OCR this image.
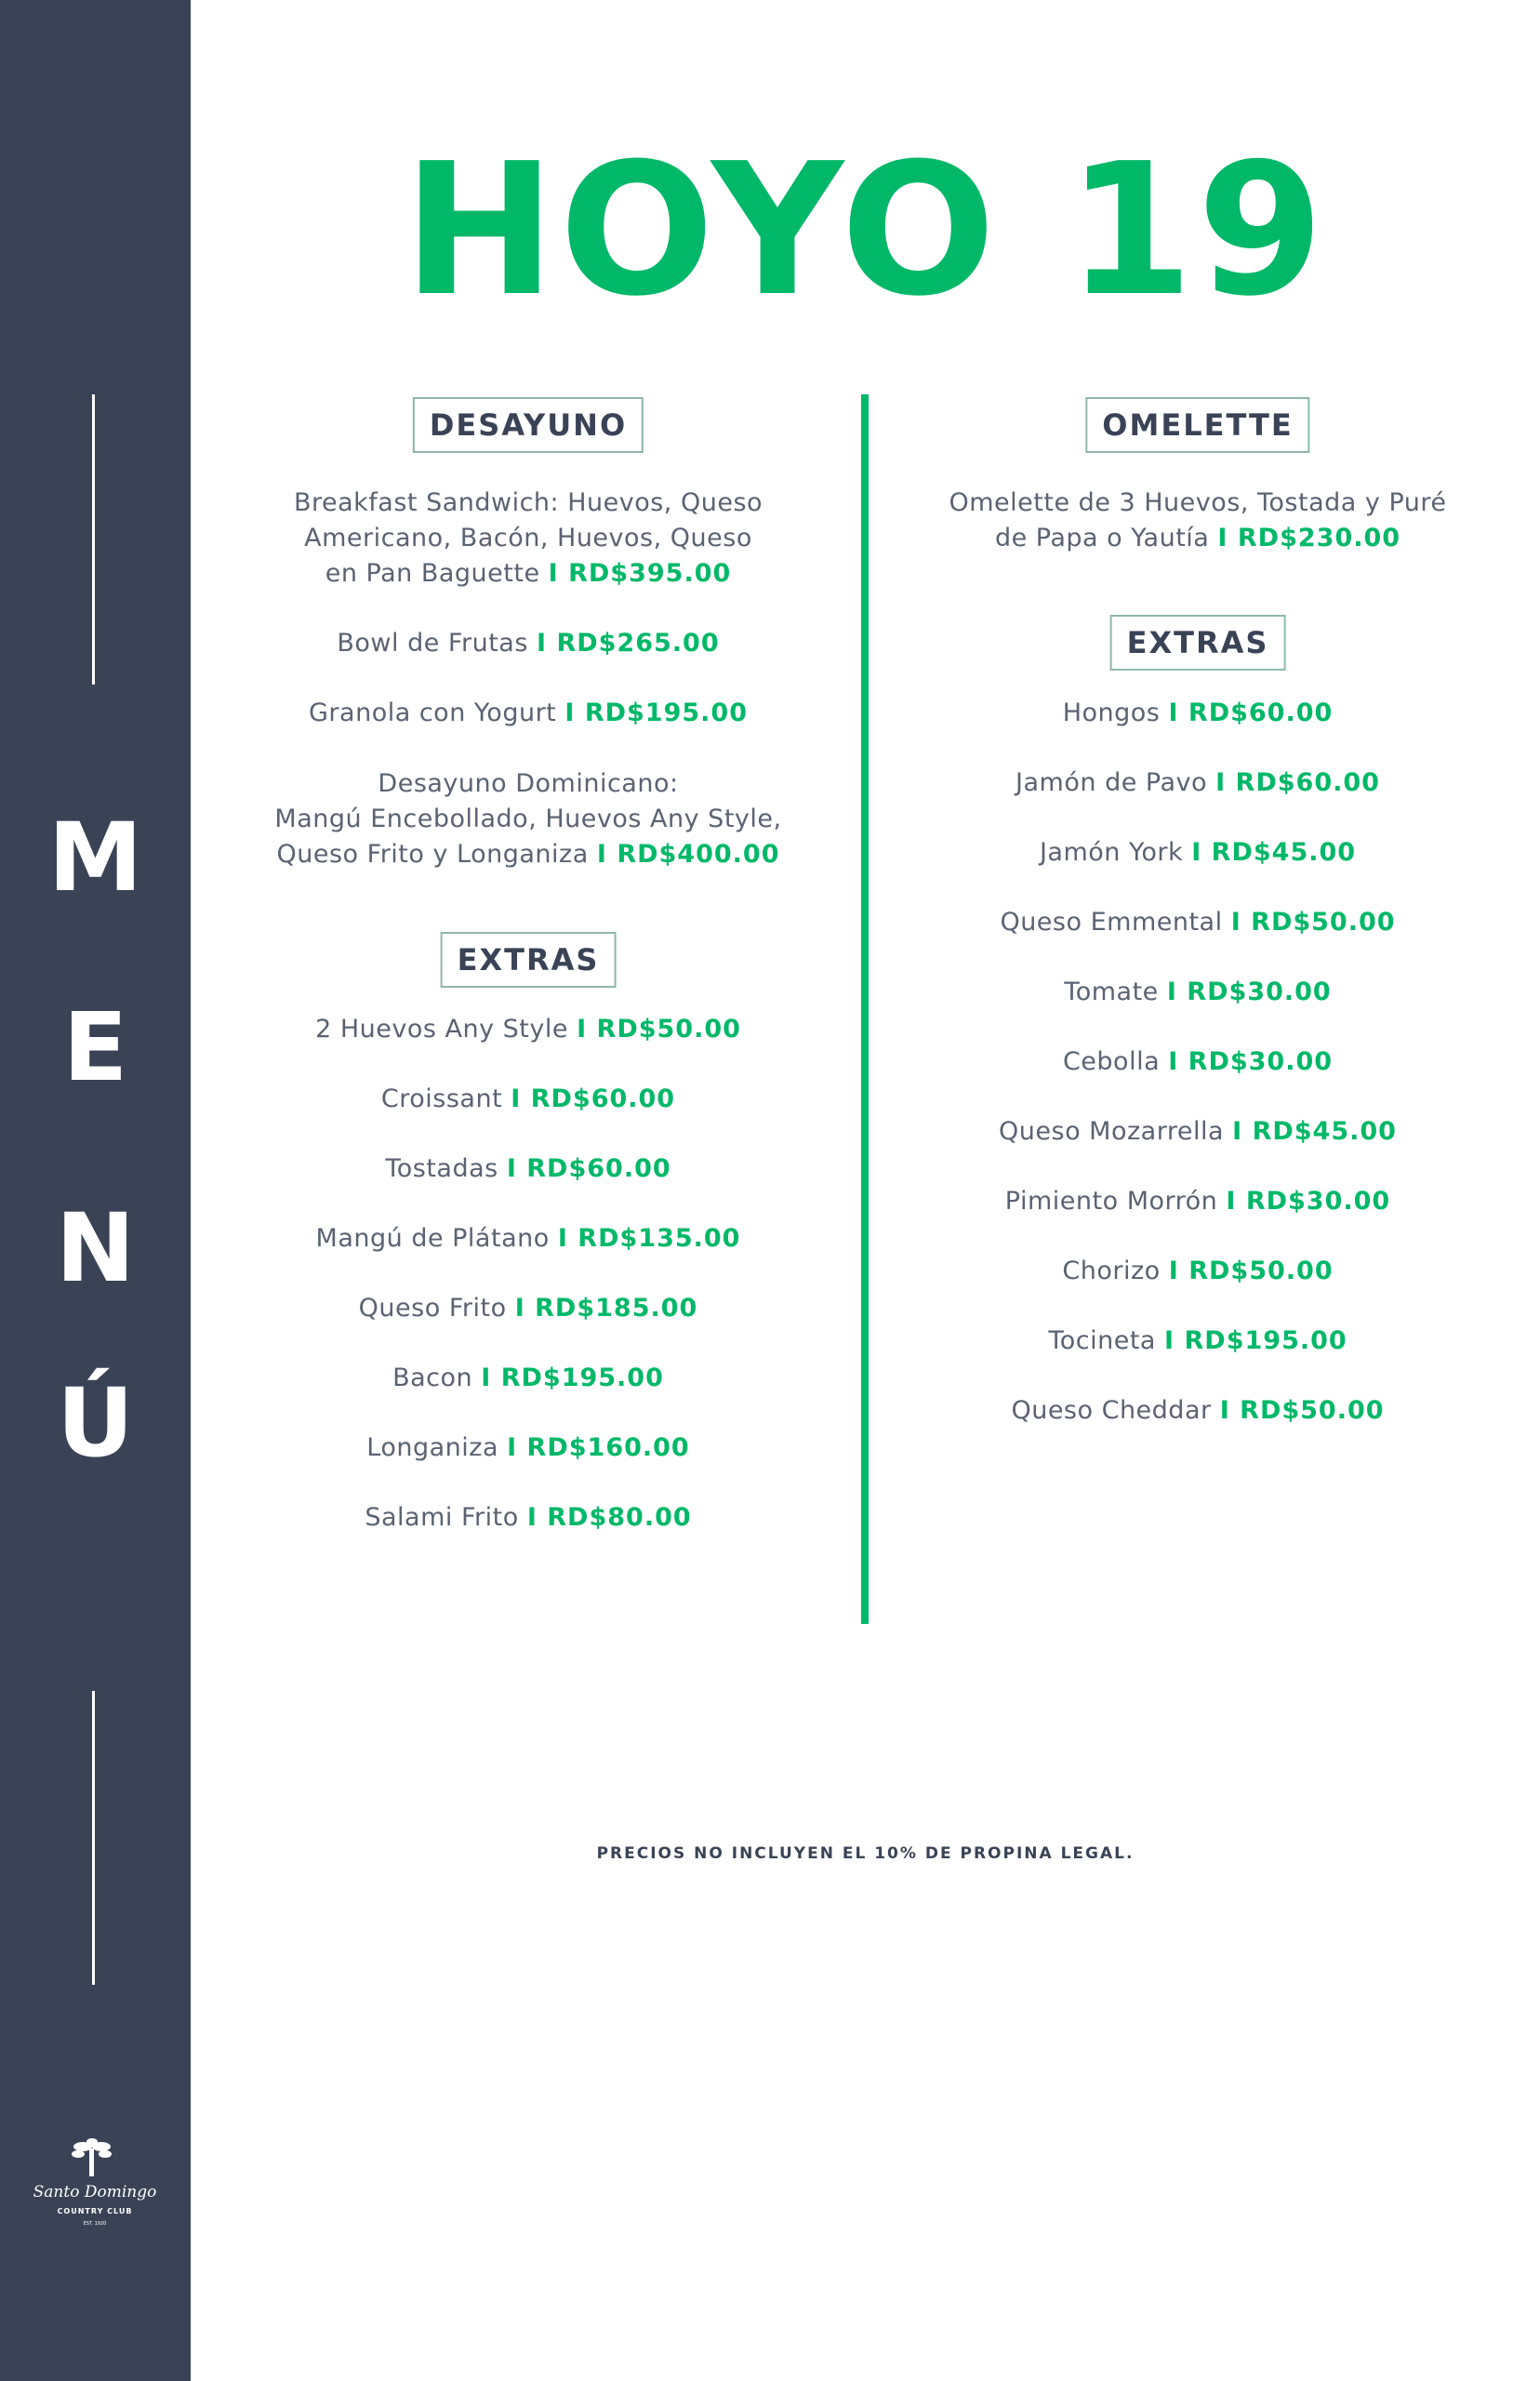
M
E
N
Ú
Santo Domingo
COUNTRY CLUB
EST. 1920
HOYO 19
DESAYUNO
Breakfast Sandwich: Huevos, Queso
Americano, Bacón, Huevos, Queso
en Pan Baguette I RD$395.00
Bowl de Frutas I RD$265.00
Granola con Yogurt I RD$195.00
Desayuno Dominicano:
Mangú Encebollado, Huevos Any Style,
Queso Frito y Longaniza I RD$400.00
EXTRAS
2 Huevos Any Style I RD$50.00
Croissant I RD$60.00
Tostadas I RD$60.00
Mangú de Plátano I RD$135.00
Queso Frito I RD$185.00
Bacon I RD$195.00
Longaniza I RD$160.00
Salami Frito I RD$80.00
OMELETTE
Omelette de 3 Huevos, Tostada y Puré
de Papa o Yautía I RD$230.00
EXTRAS
Hongos I RD$60.00
Jamón de Pavo I RD$60.00
Jamón York I RD$45.00
Queso Emmental I RD$50.00
Tomate I RD$30.00
Cebolla I RD$30.00
Queso Mozarrella I RD$45.00
Pimiento Morrón I RD$30.00
Chorizo I RD$50.00
Tocineta I RD$195.00
Queso Cheddar I RD$50.00
PRECIOS NO INCLUYEN EL 10% DE PROPINA LEGAL.
